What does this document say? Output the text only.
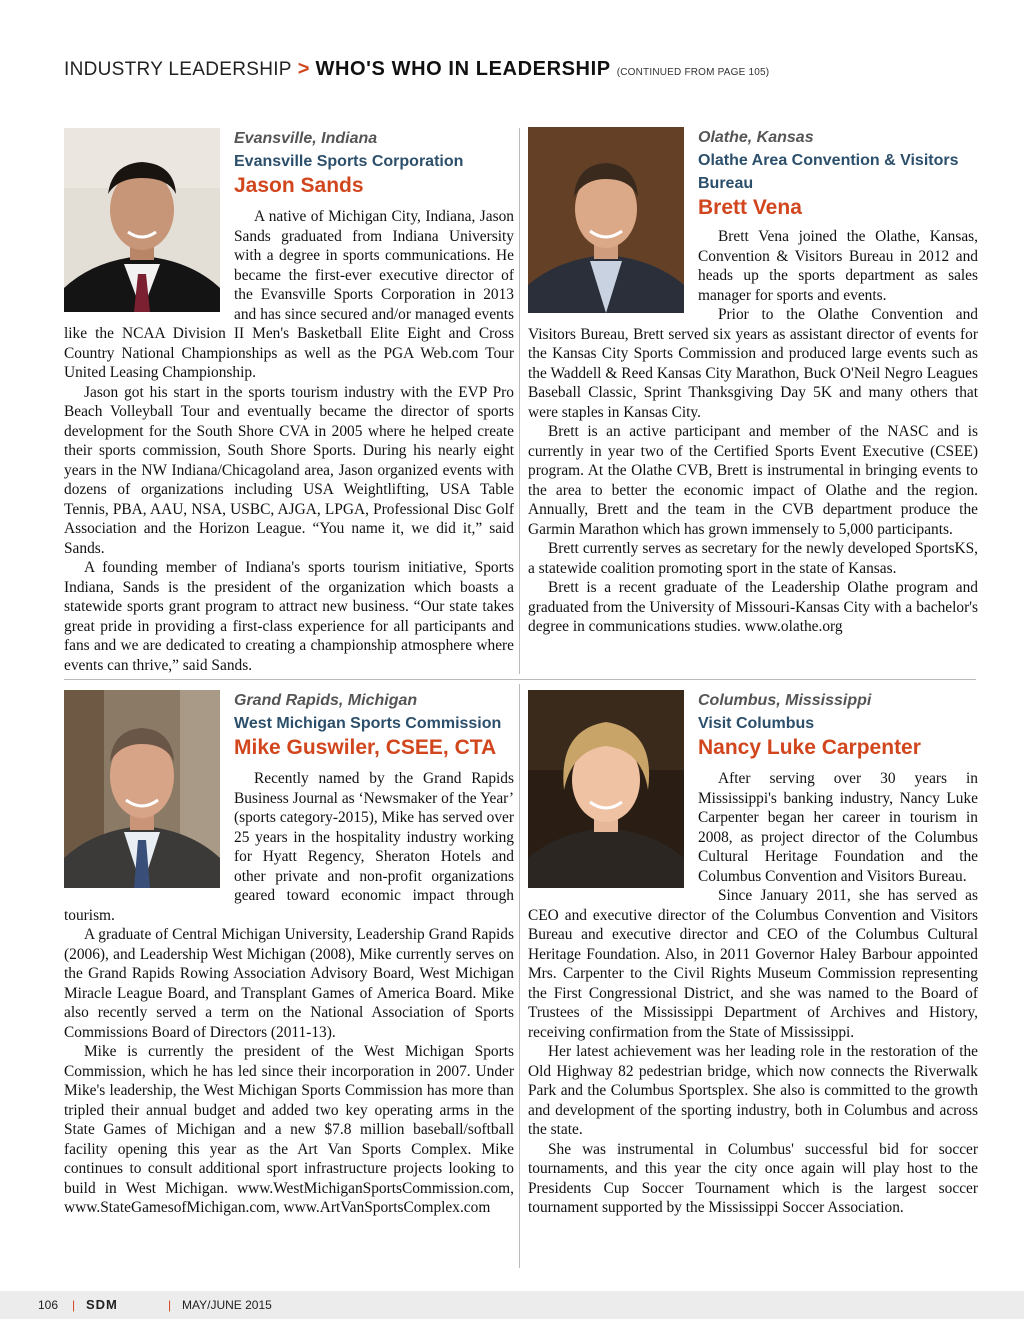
INDUSTRY LEADERSHIP > WHO'S WHO IN LEADERSHIP (CONTINUED FROM PAGE 105)
Evansville, Indiana
Evansville Sports Corporation
Jason Sands

A native of Michigan City, Indiana, Jason Sands graduated from Indiana University with a degree in sports communications. He became the first-ever executive director of the Evansville Sports Corporation in 2013 and has since secured and/or managed events like the NCAA Division II Men's Basketball Elite Eight and Cross Country National Championships as well as the PGA Web.com Tour United Leasing Championship.

Jason got his start in the sports tourism industry with the EVP Pro Beach Volleyball Tour and eventually became the director of sports development for the South Shore CVA in 2005 where he helped create their sports commission, South Shore Sports. During his nearly eight years in the NW Indiana/Chicagoland area, Jason organized events with dozens of organizations including USA Weightlifting, USA Table Tennis, PBA, AAU, NSA, USBC, AJGA, LPGA, Professional Disc Golf Association and the Horizon League. “You name it, we did it,” said Sands.

A founding member of Indiana's sports tourism initiative, Sports Indiana, Sands is the president of the organization which boasts a statewide sports grant program to attract new business. “Our state takes great pride in providing a first-class experience for all participants and fans and we are dedicated to creating a championship atmosphere where events can thrive,” said Sands.

Olathe, Kansas
Olathe Area Convention & Visitors Bureau
Brett Vena

Brett Vena joined the Olathe, Kansas, Convention & Visitors Bureau in 2012 and heads up the sports department as sales manager for sports and events.

Prior to the Olathe Convention and Visitors Bureau, Brett served six years as assistant director of events for the Kansas City Sports Commission and produced large events such as the Waddell & Reed Kansas City Marathon, Buck O'Neil Negro Leagues Baseball Classic, Sprint Thanksgiving Day 5K and many others that were staples in Kansas City.

Brett is an active participant and member of the NASC and is currently in year two of the Certified Sports Event Executive (CSEE) program. At the Olathe CVB, Brett is instrumental in bringing events to the area to better the economic impact of Olathe and the region. Annually, Brett and the team in the CVB department produce the Garmin Marathon which has grown immensely to 5,000 participants.

Brett currently serves as secretary for the newly developed SportsKS, a statewide coalition promoting sport in the state of Kansas.

Brett is a recent graduate of the Leadership Olathe program and graduated from the University of Missouri-Kansas City with a bachelor's degree in communications studies. www.olathe.org

Grand Rapids, Michigan
West Michigan Sports Commission
Mike Guswiler, CSEE, CTA

Recently named by the Grand Rapids Business Journal as ‘Newsmaker of the Year’ (sports category-2015), Mike has served over 25 years in the hospitality industry working for Hyatt Regency, Sheraton Hotels and other private and non-profit organizations geared toward economic impact through tourism.

A graduate of Central Michigan University, Leadership Grand Rapids (2006), and Leadership West Michigan (2008), Mike currently serves on the Grand Rapids Rowing Association Advisory Board, West Michigan Miracle League Board, and Transplant Games of America Board. Mike also recently served a term on the National Association of Sports Commissions Board of Directors (2011-13).

Mike is currently the president of the West Michigan Sports Commission, which he has led since their incorporation in 2007. Under Mike's leadership, the West Michigan Sports Commission has more than tripled their annual budget and added two key operating arms in the State Games of Michigan and a new $7.8 million baseball/softball facility opening this year as the Art Van Sports Complex. Mike continues to consult additional sport infrastructure projects looking to build in West Michigan. www.WestMichiganSportsCommission.com, www.StateGamesofMichigan.com, www.ArtVanSportsComplex.com

Columbus, Mississippi
Visit Columbus
Nancy Luke Carpenter

After serving over 30 years in Mississippi's banking industry, Nancy Luke Carpenter began her career in tourism in 2008, as project director of the Columbus Cultural Heritage Foundation and the Columbus Convention and Visitors Bureau.

Since January 2011, she has served as CEO and executive director of the Columbus Convention and Visitors Bureau and executive director and CEO of the Columbus Cultural Heritage Foundation. Also, in 2011 Governor Haley Barbour appointed Mrs. Carpenter to the Civil Rights Museum Commission representing the First Congressional District, and she was named to the Board of Trustees of the Mississippi Department of Archives and History, receiving confirmation from the State of Mississippi.

Her latest achievement was her leading role in the restoration of the Old Highway 82 pedestrian bridge, which now connects the Riverwalk Park and the Columbus Sportsplex. She also is committed to the growth and development of the sporting industry, both in Columbus and across the state.

She was instrumental in Columbus' successful bid for soccer tournaments, and this year the city once again will play host to the Presidents Cup Soccer Tournament which is the largest soccer tournament supported by the Mississippi Soccer Association.

106 | SDM	| MAY/JUNE 2015
